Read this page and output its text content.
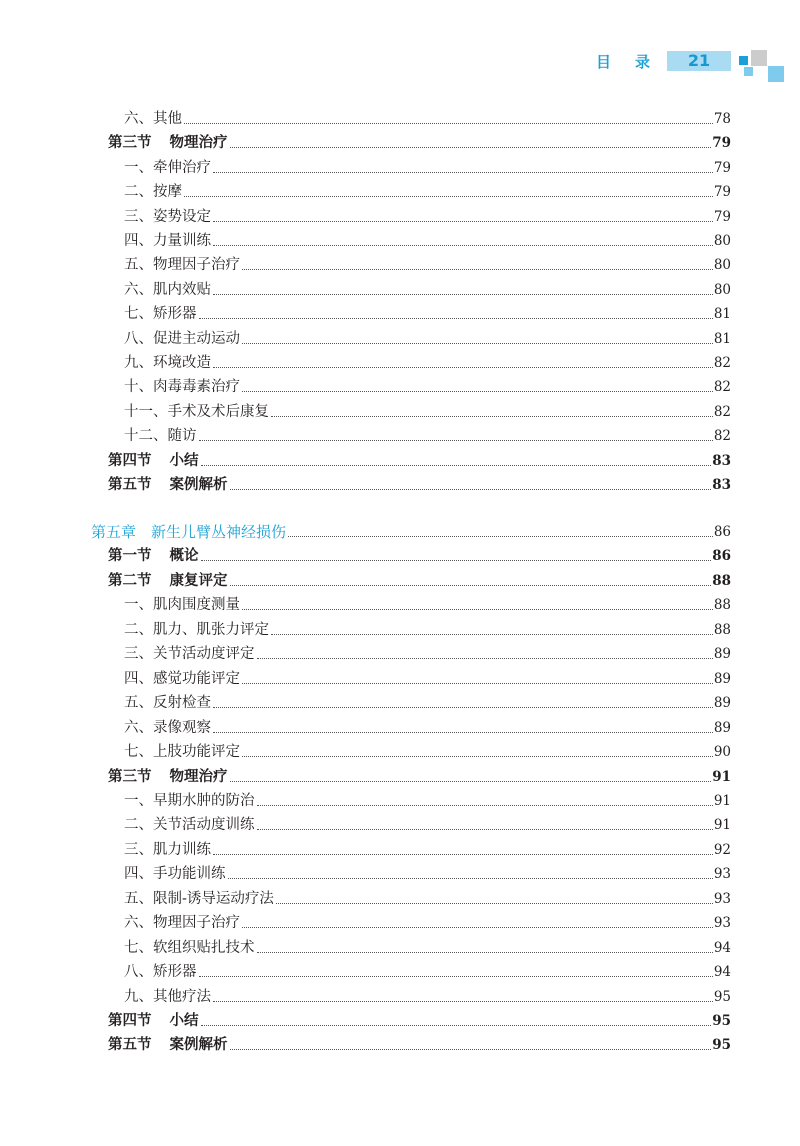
目 录	21
六、其他	78
第三节 物理治疗	79
一、牵伸治疗	79
二、按摩	79
三、姿势设定	79
四、力量训练	80
五、物理因子治疗	80
六、肌内效贴	80
七、矫形器	81
八、促进主动运动	81
九、环境改造	82
十、肉毒毒素治疗	82
十一、手术及术后康复	82
十二、随访	82
第四节 小结	83
第五节 案例解析	83
第五章　新生儿臂丛神经损伤	86
第一节 概论	86
第二节 康复评定	88
一、肌肉围度测量	88
二、肌力、肌张力评定	88
三、关节活动度评定	89
四、感觉功能评定	89
五、反射检查	89
六、录像观察	89
七、上肢功能评定	90
第三节 物理治疗	91
一、早期水肿的防治	91
二、关节活动度训练	91
三、肌力训练	92
四、手功能训练	93
五、限制-诱导运动疗法	93
六、物理因子治疗	93
七、软组织贴扎技术	94
八、矫形器	94
九、其他疗法	95
第四节 小结	95
第五节 案例解析	95
